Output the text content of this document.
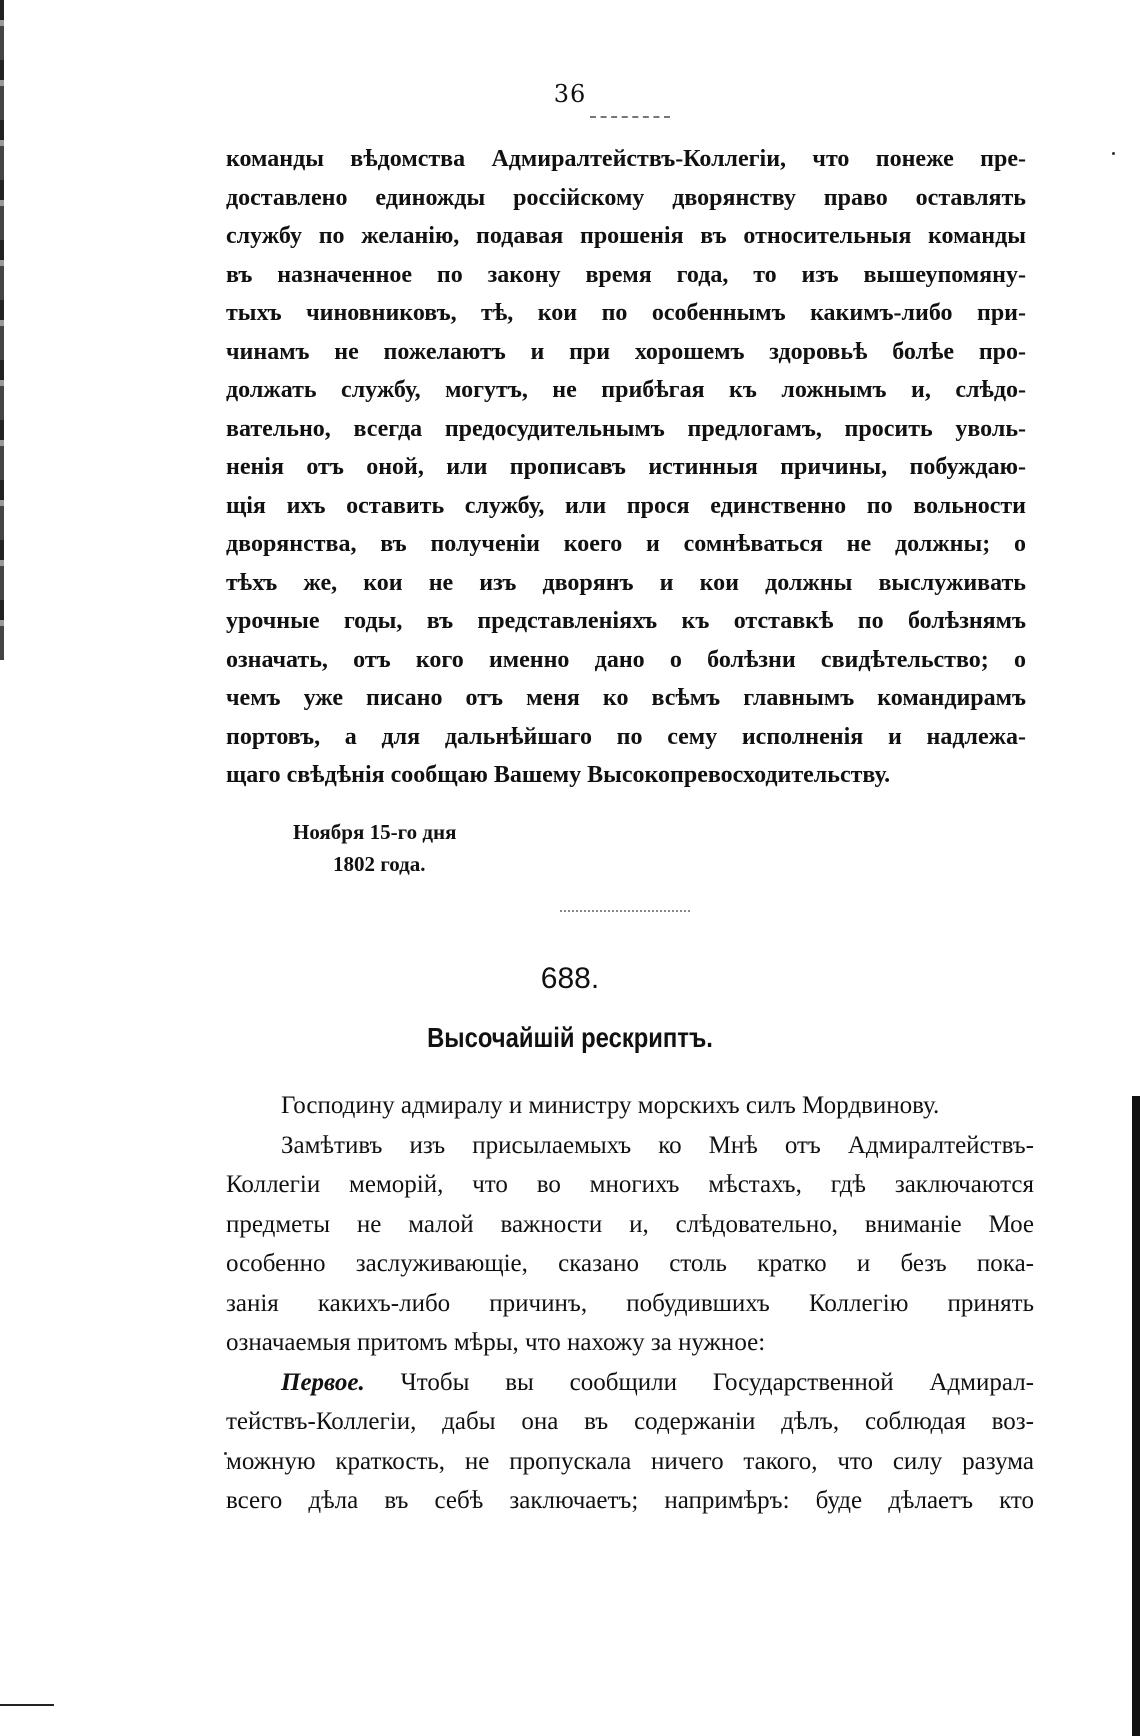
36
команды вѣдомства Адмиралтействъ-Коллегіи, что понеже пре-
доставлено единожды россійскому дворянству право оставлять
службу по желанію, подавая прошенія въ относительныя команды
въ назначенное по закону время года, то изъ вышеупомяну-
тыхъ чиновниковъ, тѣ, кои по особеннымъ какимъ-либо при-
чинамъ не пожелаютъ и при хорошемъ здоровьѣ болѣе про-
должать службу, могутъ, не прибѣгая къ ложнымъ и, слѣдо-
вательно, всегда предосудительнымъ предлогамъ, просить уволь-
ненія отъ оной, или прописавъ истинныя причины, побуждаю-
щія ихъ оставить службу, или прося единственно по вольности
дворянства, въ полученіи коего и сомнѣваться не должны; о
тѣхъ же, кои не изъ дворянъ и кои должны выслуживать
урочные годы, въ представленіяхъ къ отставкѣ по болѣзнямъ
означать, отъ кого именно дано о болѣзни свидѣтельство; о
чемъ уже писано отъ меня ко всѣмъ главнымъ командирамъ
портовъ, а для дальнѣйшаго по сему исполненія и надлежа-
щаго свѣдѣнія сообщаю Вашему Высокопревосходительству.
Ноября 15-го дня
1802 года.
688.
Высочайшій рескриптъ.
Господину адмиралу и министру морскихъ силъ Мордвинову.
Замѣтивъ изъ присылаемыхъ ко Мнѣ отъ Адмиралтействъ-
Коллегіи меморій, что во многихъ мѣстахъ, гдѣ заключаются
предметы не малой важности и, слѣдовательно, вниманіе Мое
особенно заслуживающіе, сказано столь кратко и безъ пока-
занія какихъ-либо причинъ, побудившихъ Коллегію принять
означаемыя притомъ мѣры, что нахожу за нужное:
Первое. Чтобы вы сообщили Государственной Адмирал-
тействъ-Коллегіи, дабы она въ содержаніи дѣлъ, соблюдая воз-
можную краткость, не пропускала ничего такого, что силу разума
всего дѣла въ себѣ заключаетъ; напримѣръ: буде дѣлаетъ кто
